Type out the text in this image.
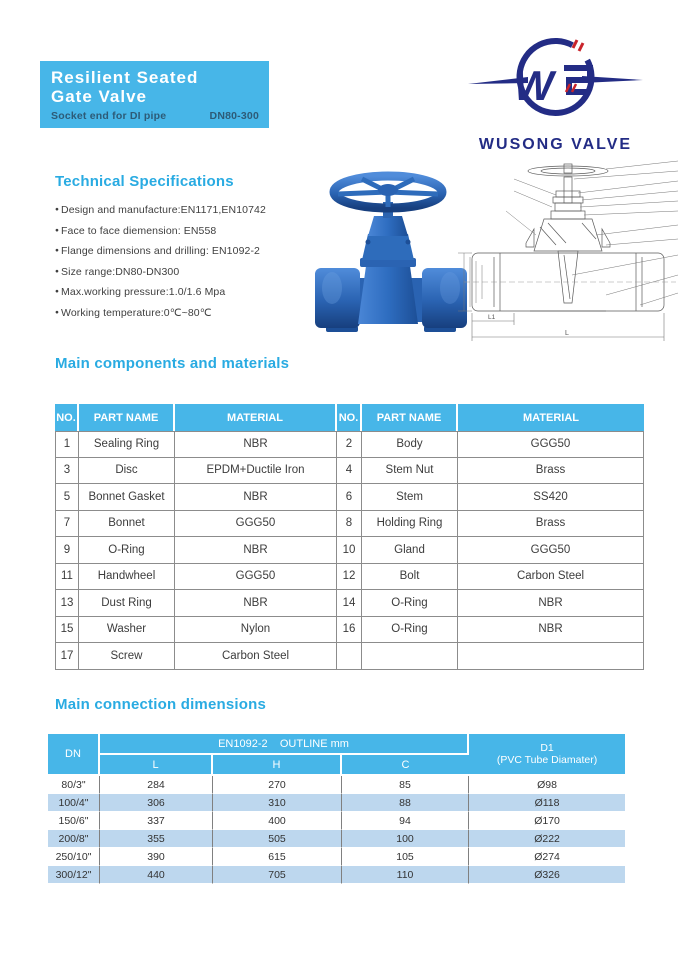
Resilient Seated
Gate Valve
Socket end for DI pipe	DN80-300
W
WUSONG VALVE
Technical Specifications
● Design and manufacture:EN1171,EN10742
● Face to face diemension: EN558
● Flange dimensions and drilling: EN1092-2
● Size range:DN80-DN300
● Max.working pressure:1.0/1.6 Mpa
● Working temperature:0℃~80℃	L1
L
Main components and materials
NO.	PART NAME	MATERIAL	NO.	PART NAME	MATERIAL
1	Sealing Ring	NBR	2	Body	GGG50
3	Disc	EPDM+Ductile Iron	4	Stem Nut	Brass
5	Bonnet Gasket	NBR	6	Stem	SS420
7	Bonnet	GGG50	8	Holding Ring	Brass
9	O-Ring	NBR	10	Gland	GGG50
11	Handwheel	GGG50	12	Bolt	Carbon Steel
13	Dust Ring	NBR	14	O-Ring	NBR
15	Washer	Nylon	16	O-Ring	NBR
17	Screw	Carbon Steel			
Main connection dimensions
DN	EN1092-2    OUTLINE mm			D1
(PVC Tube Diamater)

	L	H	C	
80/3"	284	270	85	Ø98
100/4"	306	310	88	Ø118
150/6"	337	400	94	Ø170
200/8"	355	505	100	Ø222
250/10"	390	615	105	Ø274
300/12"	440	705	110	Ø326
